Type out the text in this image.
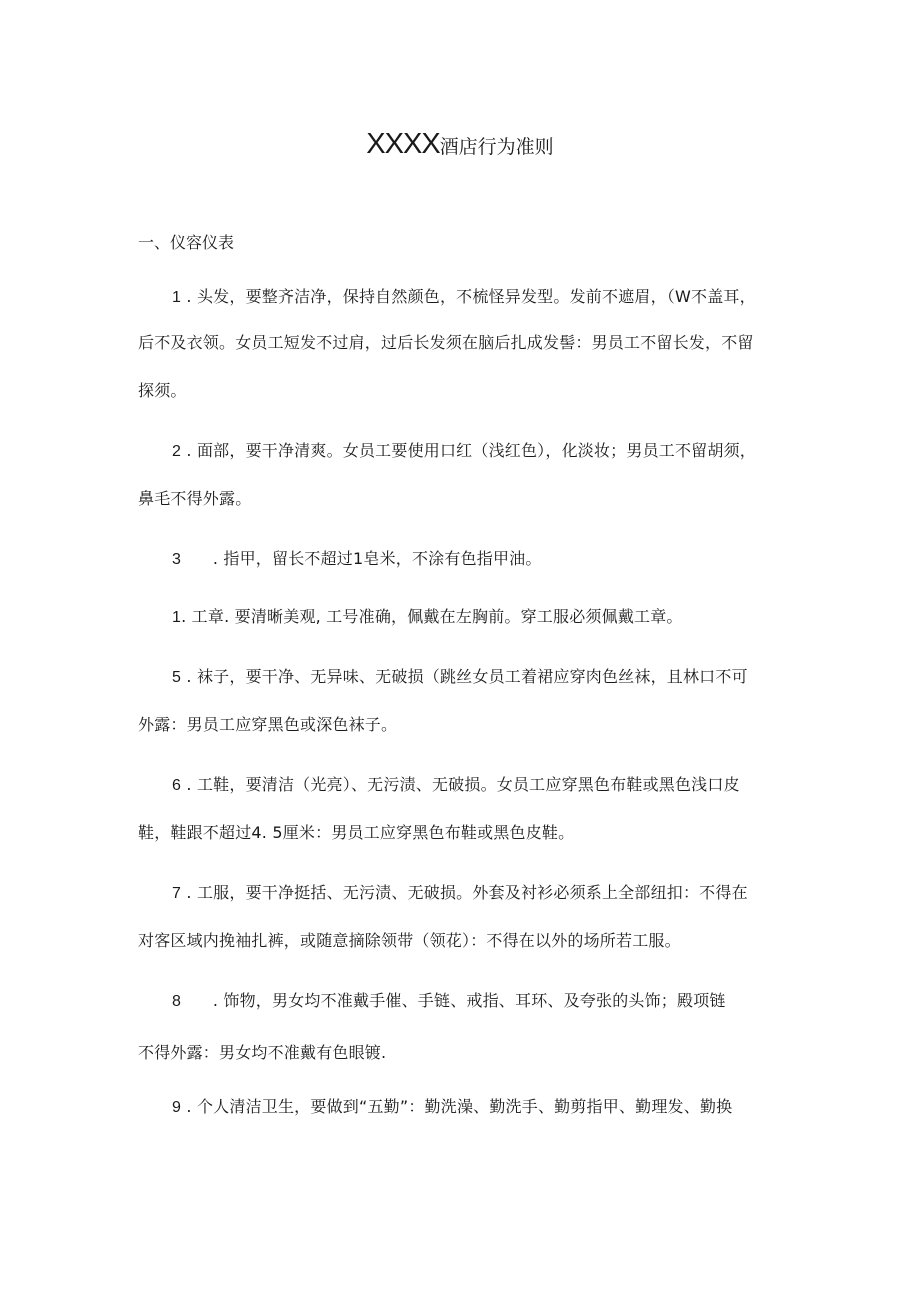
XXXX酒店行为准则
一、仪容仪表
1 . 头发，要整齐洁净，保持自然颜色，不梳怪异发型。发前不遮眉，（W不盖耳，
后不及衣领。女员工短发不过肩，过后长发须在脑后扎成发髻：男员工不留长发，不留
探须。
2 . 面部，要干净清爽。女员工要使用口红（浅红色），化淡妆；男员工不留胡须，
鼻毛不得外露。
3      . 指甲，留长不超过1皂米，不涂有色指甲油。
1. 工章. 要清晰美观, 工号准确，佩戴在左胸前。穿工服必须佩戴工章。
5 . 袜子，要干净、无异味、无破损（跳丝女员工着裙应穿肉色丝袜，且林口不可
外露：男员工应穿黑色或深色袜子。
6 . 工鞋，要清洁（光亮）、无污渍、无破损。女员工应穿黑色布鞋或黑色浅口皮
鞋，鞋跟不超过4. 5厘米：男员工应穿黑色布鞋或黑色皮鞋。
7 . 工服，要干净挺括、无污渍、无破损。外套及衬衫必须系上全部纽扣：不得在
对客区域内挽袖扎裤，或随意摘除领带（领花）：不得在以外的场所若工服。
8      . 饰物，男女均不准戴手催、手链、戒指、耳环、及夸张的头饰；殿项链
不得外露：男女均不准戴有色眼镀.
9 . 个人清洁卫生，要做到“五勤”：勤洗澡、勤洗手、勤剪指甲、勤理发、勤换
